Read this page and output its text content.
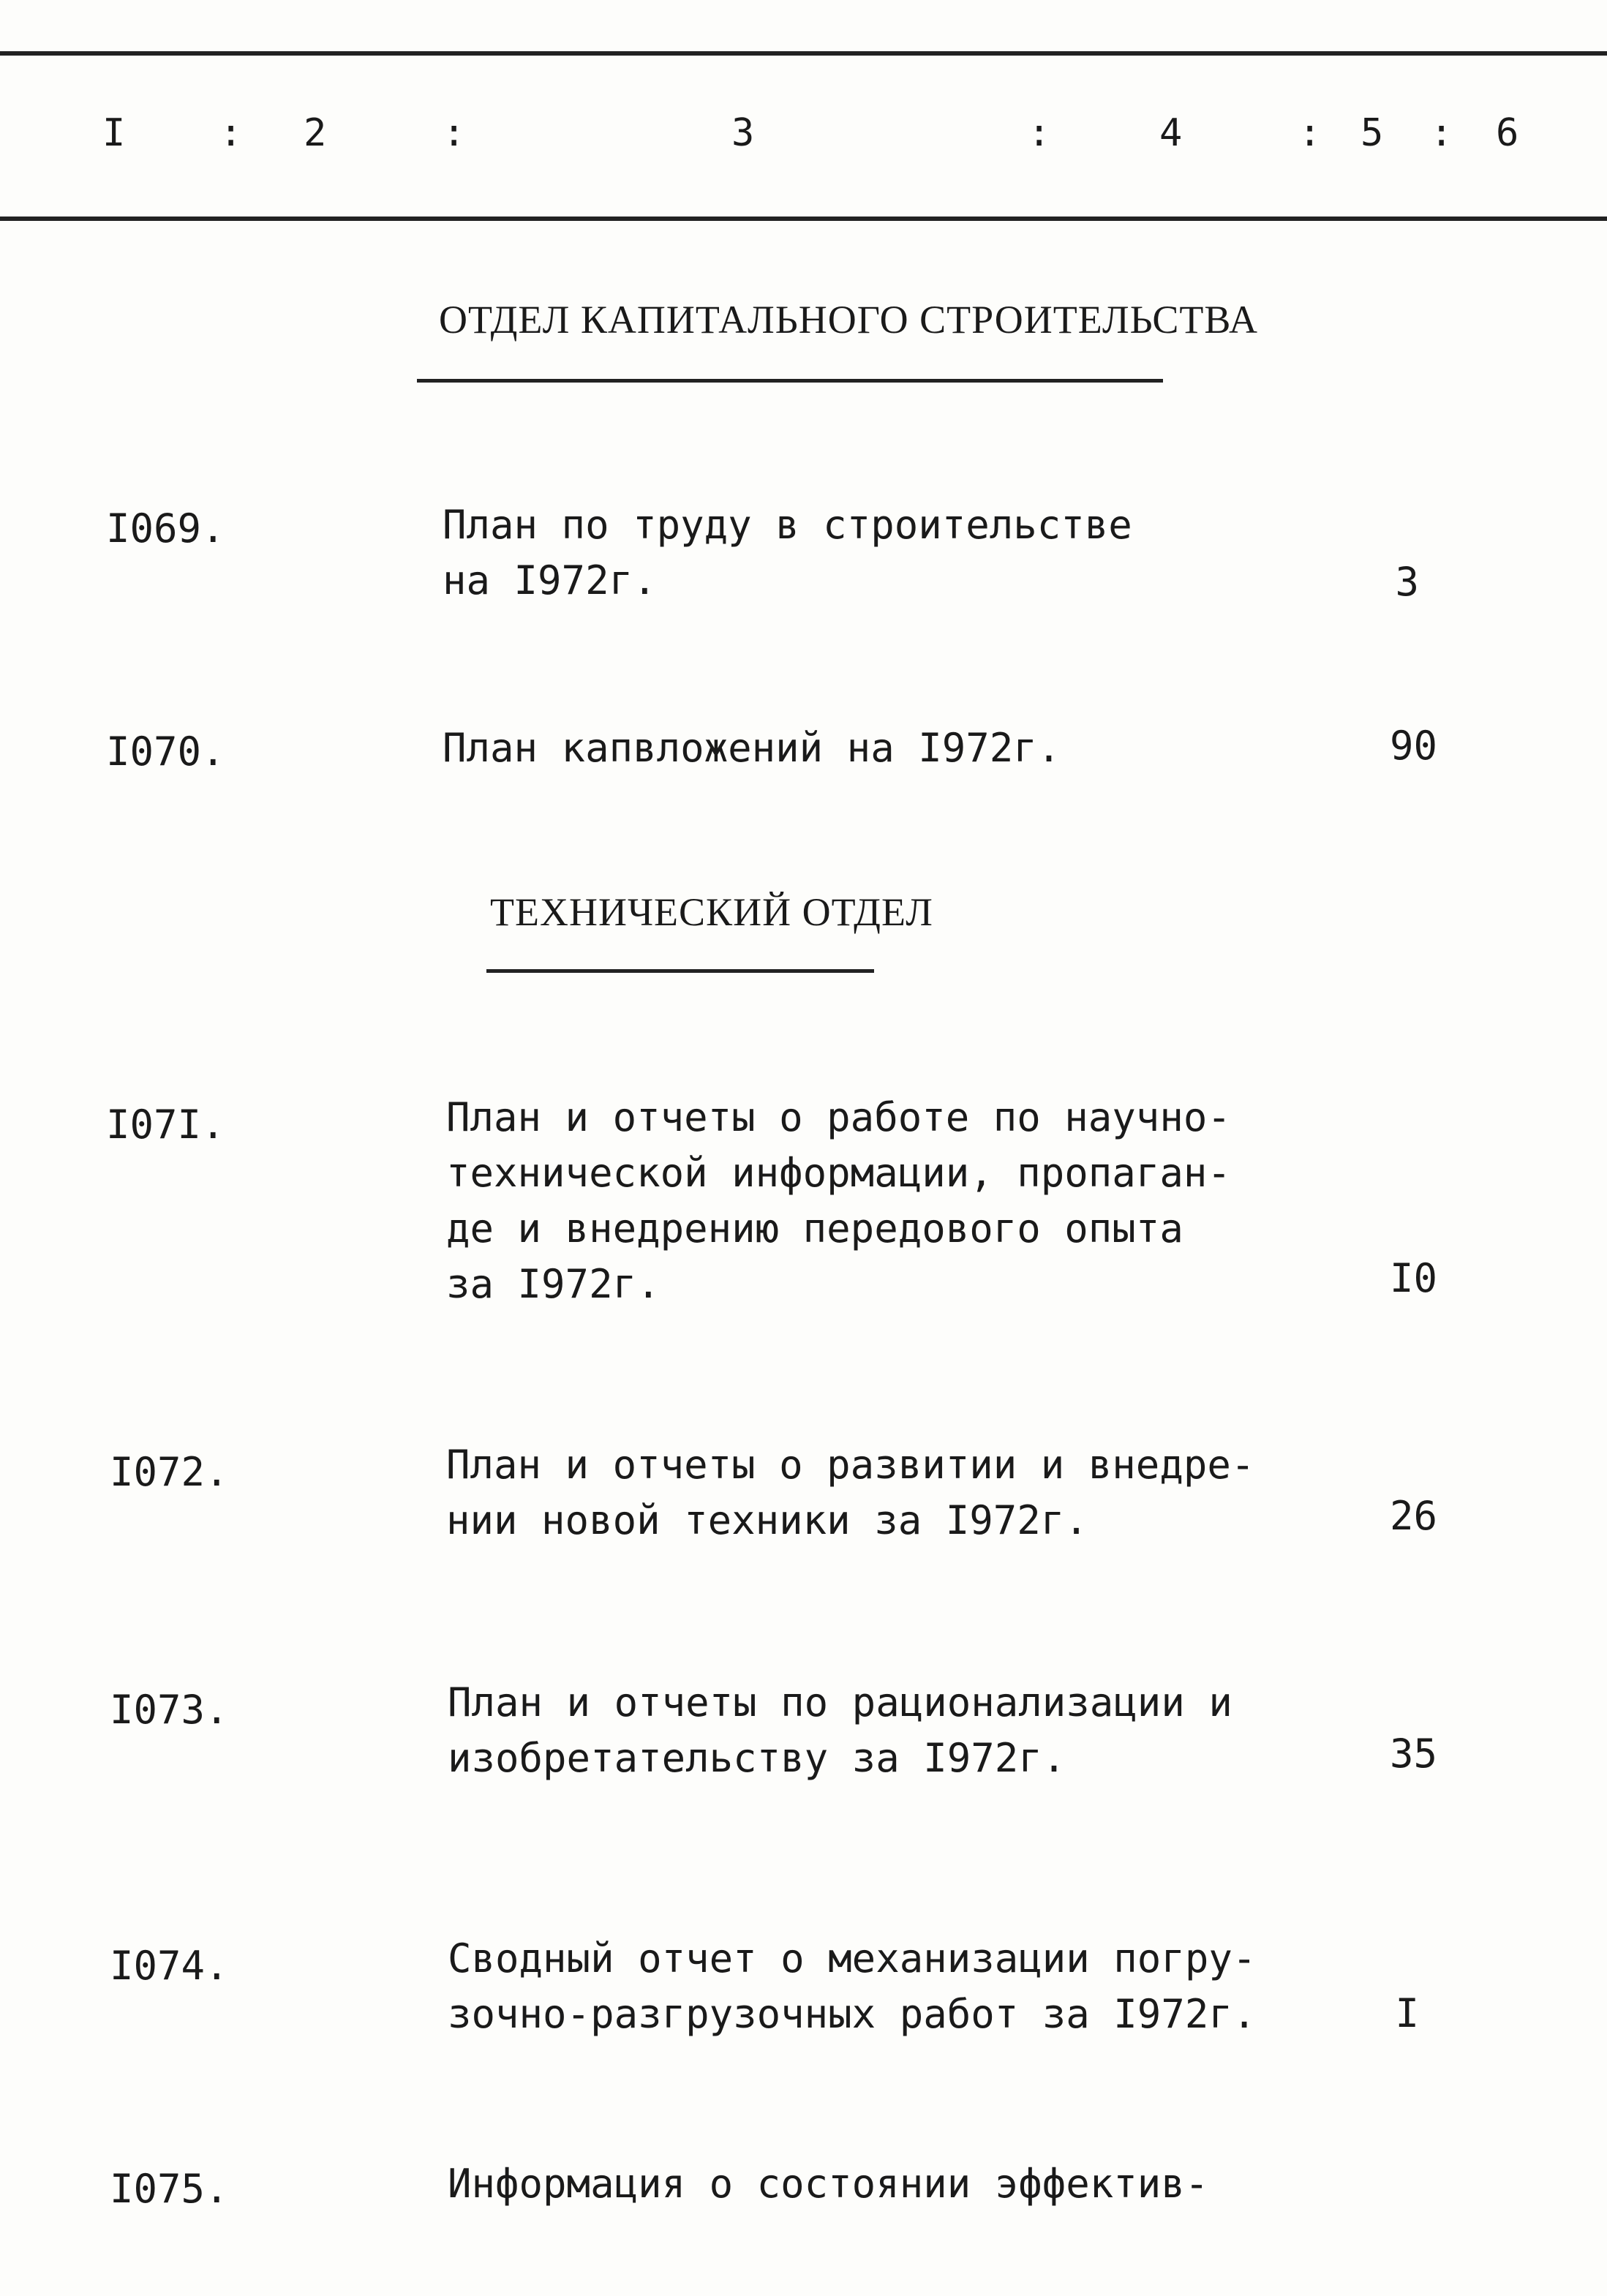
I : 2	:	3	:	4	: 5 : 6
ОТДЕЛ КАПИТАЛЬНОГО СТРОИТЕЛЬСТВА
I069.	План по труду в строительстве
на I972г.	3
I070.	План капвложений на I972г.	90
ТЕХНИЧЕСКИЙ ОТДЕЛ
I07I.	План и отчеты о работе по научно-
технической информации, пропаган-
де и внедрению передового опыта
за I972г.	I0
I072.	План и отчеты о развитии и внедре-
нии новой техники за I972г.	26
I073.	План и отчеты по рационализации и
изобретательству за I972г.	35
I074.	Сводный отчет о механизации погру-
зочно-разгрузочных работ за I972г.	I
I075.	Информация о состоянии эффектив-
